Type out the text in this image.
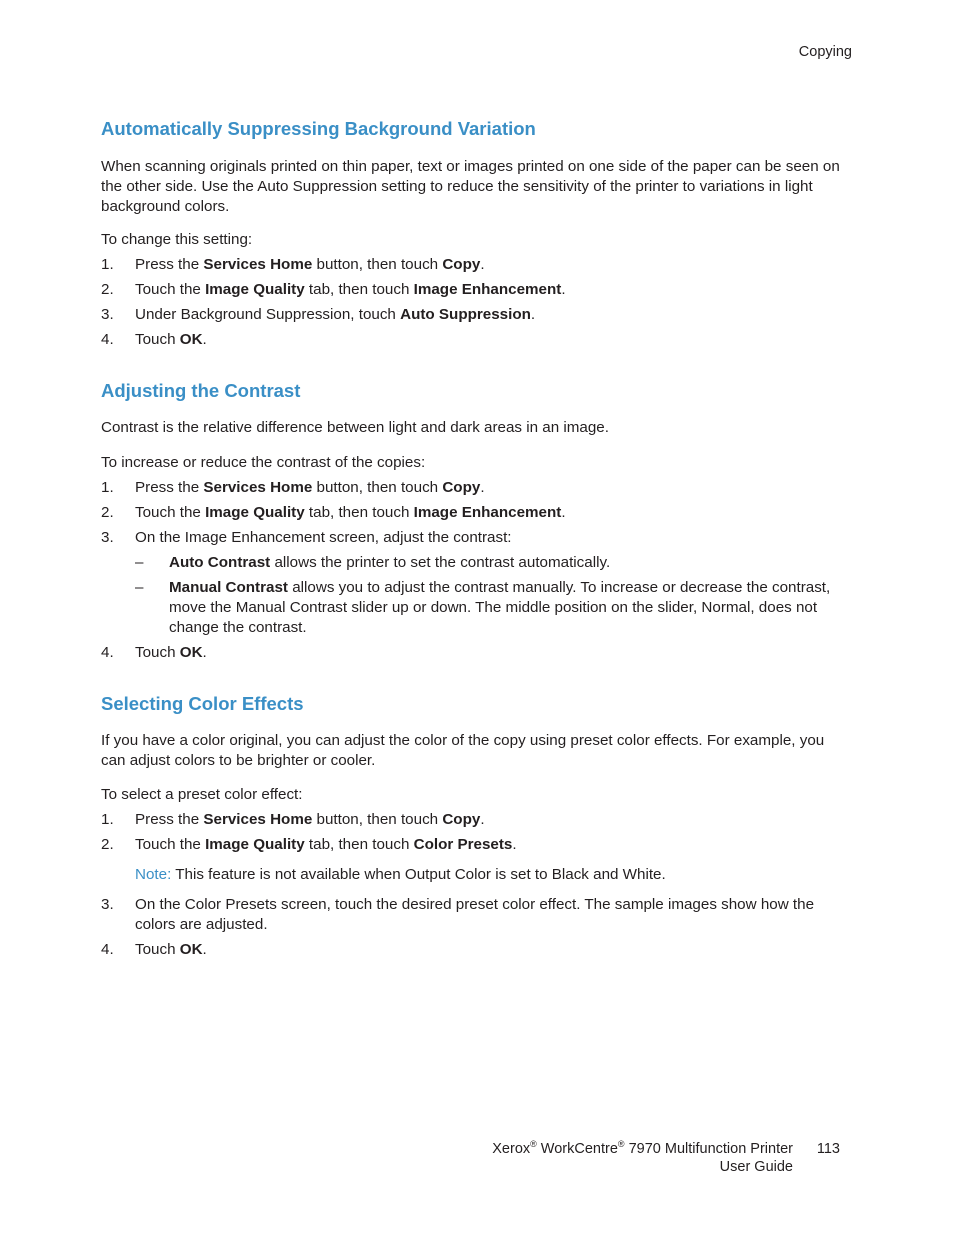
Copying
Automatically Suppressing Background Variation

When scanning originals printed on thin paper, text or images printed on one side of the paper can be seen on the other side. Use the Auto Suppression setting to reduce the sensitivity of the printer to variations in light background colors.

To change this setting:

1. Press the Services Home button, then touch Copy.
2. Touch the Image Quality tab, then touch Image Enhancement.
3. Under Background Suppression, touch Auto Suppression.
4. Touch OK.
Adjusting the Contrast

Contrast is the relative difference between light and dark areas in an image.

To increase or reduce the contrast of the copies:

1. Press the Services Home button, then touch Copy.
2. Touch the Image Quality tab, then touch Image Enhancement.
3. On the Image Enhancement screen, adjust the contrast:
– Auto Contrast allows the printer to set the contrast automatically.
– Manual Contrast allows you to adjust the contrast manually. To increase or decrease the contrast, move the Manual Contrast slider up or down. The middle position on the slider, Normal, does not change the contrast.
4. Touch OK.
Selecting Color Effects

If you have a color original, you can adjust the color of the copy using preset color effects. For example, you can adjust colors to be brighter or cooler.

To select a preset color effect:

1. Press the Services Home button, then touch Copy.
2. Touch the Image Quality tab, then touch Color Presets.
Note: This feature is not available when Output Color is set to Black and White.
3. On the Color Presets screen, touch the desired preset color effect. The sample images show how the colors are adjusted.
4. Touch OK.
Xerox® WorkCentre® 7970 Multifunction Printer
User Guide
113
